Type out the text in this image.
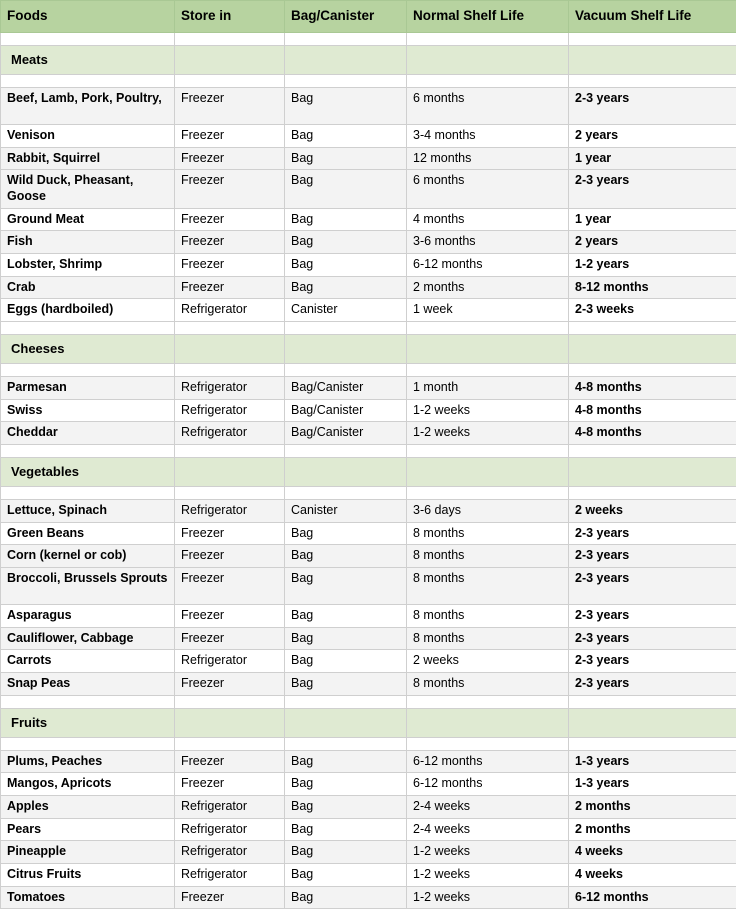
Foods	Store in	Bag/Canister	Normal Shelf Life	Vacuum Shelf Life

Meats				

Beef, Lamb, Pork, Poultry,	Freezer	Bag	6 months	2-3 years
Venison	Freezer	Bag	3-4 months	2 years
Rabbit, Squirrel	Freezer	Bag	12 months	1 year
Wild Duck, Pheasant, Goose	Freezer	Bag	6 months	2-3 years
Ground Meat	Freezer	Bag	4 months	1 year
Fish	Freezer	Bag	3-6 months	2 years
Lobster, Shrimp	Freezer	Bag	6-12 months	1-2 years
Crab	Freezer	Bag	2 months	8-12 months
Eggs (hardboiled)	Refrigerator	Canister	1 week	2-3 weeks

Cheeses				

Parmesan	Refrigerator	Bag/Canister	1 month	4-8 months
Swiss	Refrigerator	Bag/Canister	1-2 weeks	4-8 months
Cheddar	Refrigerator	Bag/Canister	1-2 weeks	4-8 months

Vegetables				

Lettuce, Spinach	Refrigerator	Canister	3-6 days	2 weeks
Green Beans	Freezer	Bag	8 months	2-3 years
Corn (kernel or cob)	Freezer	Bag	8 months	2-3 years
Broccoli, Brussels Sprouts	Freezer	Bag	8 months	2-3 years
Asparagus	Freezer	Bag	8 months	2-3 years
Cauliflower, Cabbage	Freezer	Bag	8 months	2-3 years
Carrots	Refrigerator	Bag	2 weeks	2-3 years
Snap Peas	Freezer	Bag	8 months	2-3 years

Fruits				

Plums, Peaches	Freezer	Bag	6-12 months	1-3 years
Mangos, Apricots	Freezer	Bag	6-12 months	1-3 years
Apples	Refrigerator	Bag	2-4 weeks	2 months
Pears	Refrigerator	Bag	2-4 weeks	2 months
Pineapple	Refrigerator	Bag	1-2 weeks	4 weeks
Citrus Fruits	Refrigerator	Bag	1-2 weeks	4 weeks
Tomatoes	Freezer	Bag	1-2 weeks	6-12 months
